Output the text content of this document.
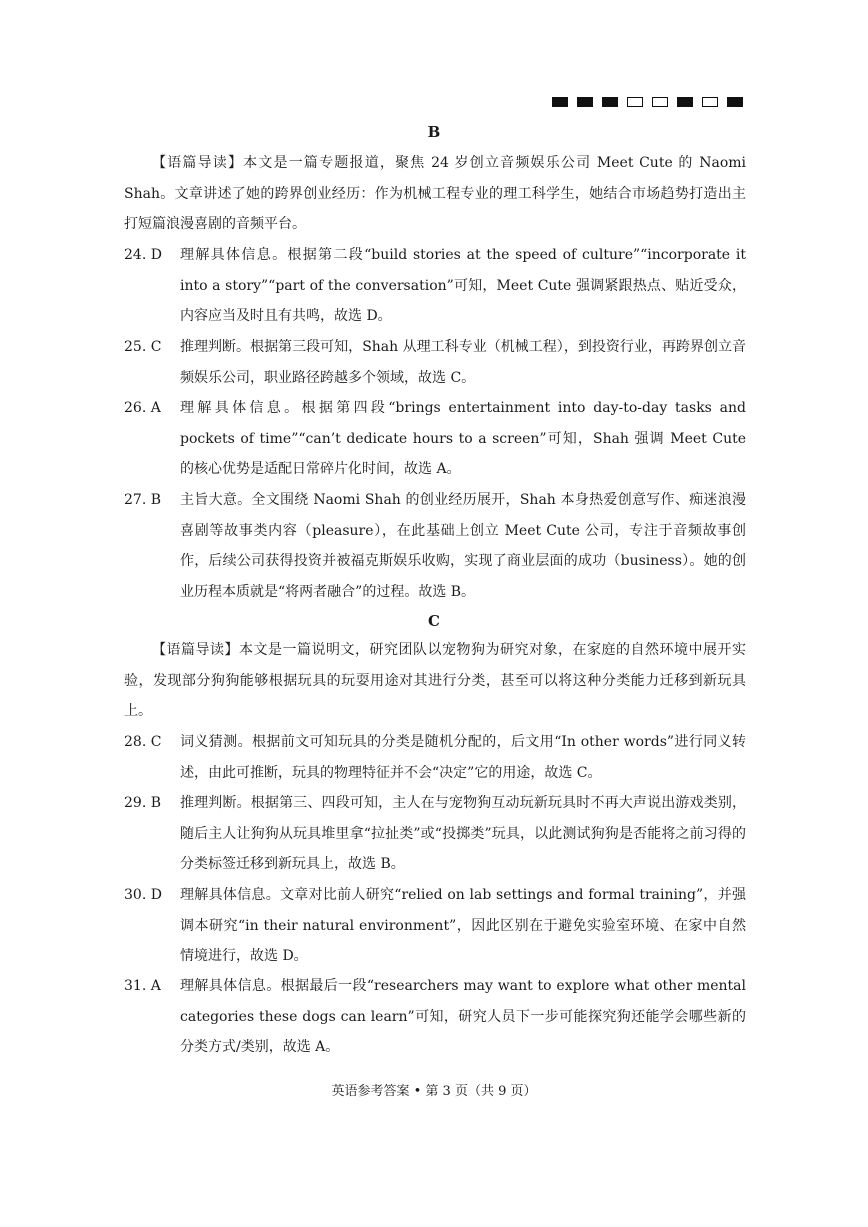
B

【语篇导读】本文是一篇专题报道，聚焦 24 岁创立音频娱乐公司 Meet Cute 的 Naomi Shah。文章讲述了她的跨界创业经历：作为机械工程专业的理工科学生，她结合市场趋势打造出主打短篇浪漫喜剧的音频平台。

24. D	理解具体信息。根据第二段“build stories at the speed of culture”“incorporate it into a story”“part of the conversation”可知，Meet Cute 强调紧跟热点、贴近受众，内容应当及时且有共鸣，故选 D。
25. C	推理判断。根据第三段可知，Shah 从理工科专业（机械工程），到投资行业，再跨界创立音频娱乐公司，职业路径跨越多个领域，故选 C。
26. A	理解具体信息。根据第四段“brings entertainment into day-to-day tasks and pockets of time”“can’t dedicate hours to a screen”可知，Shah 强调 Meet Cute 的核心优势是适配日常碎片化时间，故选 A。
27. B	主旨大意。全文围绕 Naomi Shah 的创业经历展开，Shah 本身热爱创意写作、痴迷浪漫喜剧等故事类内容（pleasure），在此基础上创立 Meet Cute 公司，专注于音频故事创作，后续公司获得投资并被福克斯娱乐收购，实现了商业层面的成功（business）。她的创业历程本质就是“将两者融合”的过程。故选 B。
C

【语篇导读】本文是一篇说明文，研究团队以宠物狗为研究对象，在家庭的自然环境中展开实验，发现部分狗狗能够根据玩具的玩耍用途对其进行分类，甚至可以将这种分类能力迁移到新玩具上。

28. C	词义猜测。根据前文可知玩具的分类是随机分配的，后文用“In other words”进行同义转述，由此可推断，玩具的物理特征并不会“决定”它的用途，故选 C。
29. B	推理判断。根据第三、四段可知，主人在与宠物狗互动玩新玩具时不再大声说出游戏类别，随后主人让狗狗从玩具堆里拿“拉扯类”或“投掷类”玩具，以此测试狗狗是否能将之前习得的分类标签迁移到新玩具上，故选 B。
30. D	理解具体信息。文章对比前人研究“relied on lab settings and formal training”，并强调本研究“in their natural environment”，因此区别在于避免实验室环境、在家中自然情境进行，故选 D。
31. A	理解具体信息。根据最后一段“researchers may want to explore what other mental categories these dogs can learn”可知，研究人员下一步可能探究狗还能学会哪些新的分类方式/类别，故选 A。
英语参考答案 • 第 3 页（共 9 页）
